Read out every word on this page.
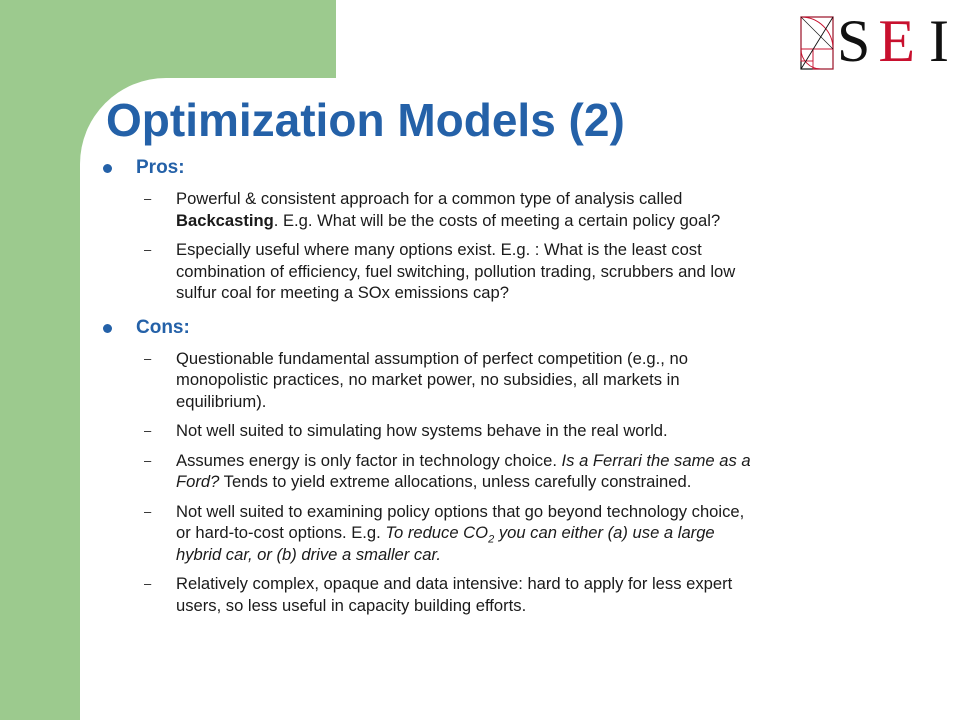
S E I
Optimization Models (2)
Pros:
– Powerful & consistent approach for a common type of analysis called
Backcasting. E.g. What will be the costs of meeting a certain policy goal?
– Especially useful where many options exist. E.g. : What is the least cost
combination of efficiency, fuel switching, pollution trading, scrubbers and low
sulfur coal for meeting a SOx emissions cap?
Cons:
– Questionable fundamental assumption of perfect competition (e.g., no
monopolistic practices, no market power, no subsidies, all markets in
equilibrium).
– Not well suited to simulating how systems behave in the real world.
– Assumes energy is only factor in technology choice. Is a Ferrari the same as a
Ford? Tends to yield extreme allocations, unless carefully constrained.
– Not well suited to examining policy options that go beyond technology choice,
or hard-to-cost options. E.g. To reduce $CO_2$ you can either (a) use a large
hybrid car, or (b) drive a smaller car.
– Relatively complex, opaque and data intensive: hard to apply for less expert
users, so less useful in capacity building efforts.
